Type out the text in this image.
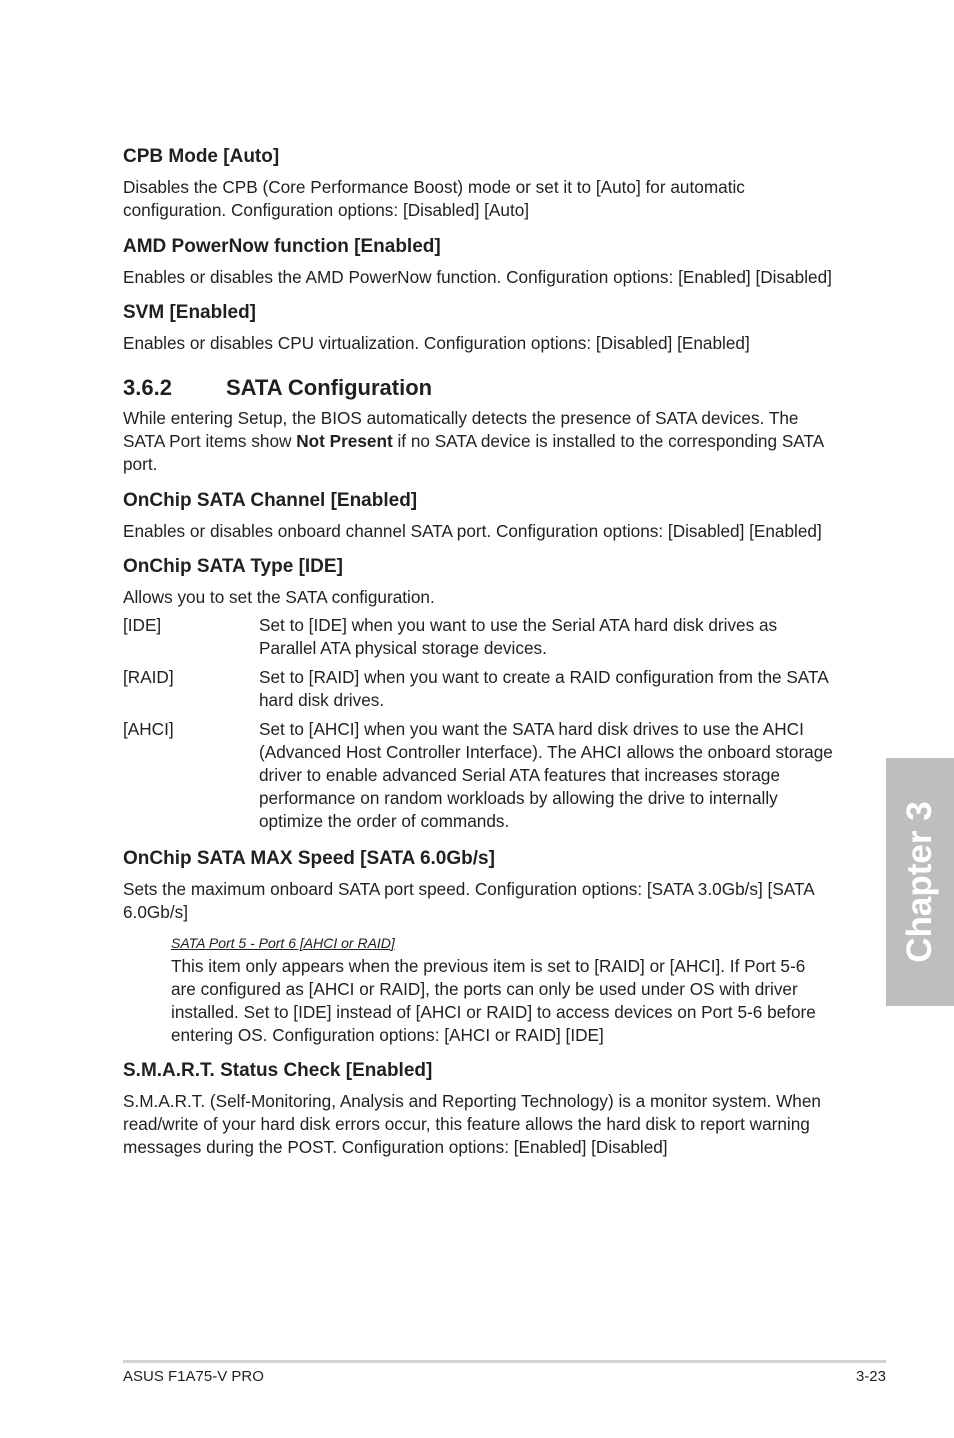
CPB Mode [Auto]
Disables the CPB (Core Performance Boost) mode or set it to [Auto] for automatic
configuration. Configuration options: [Disabled] [Auto]
AMD PowerNow function [Enabled]
Enables or disables the AMD PowerNow function. Configuration options: [Enabled] [Disabled]
SVM [Enabled]
Enables or disables CPU virtualization. Configuration options: [Disabled] [Enabled]
3.6.2 SATA Configuration
While entering Setup, the BIOS automatically detects the presence of SATA devices. The
SATA Port items show Not Present if no SATA device is installed to the corresponding SATA
port.
OnChip SATA Channel [Enabled]
Enables or disables onboard channel SATA port. Configuration options: [Disabled] [Enabled]
OnChip SATA Type [IDE]
Allows you to set the SATA configuration.
[IDE]	Set to [IDE] when you want to use the Serial ATA hard disk drives as
Parallel ATA physical storage devices.
[RAID]	Set to [RAID] when you want to create a RAID configuration from the SATA
hard disk drives.
[AHCI]	Set to [AHCI] when you want the SATA hard disk drives to use the AHCI
(Advanced Host Controller Interface). The AHCI allows the onboard storage
driver to enable advanced Serial ATA features that increases storage
performance on random workloads by allowing the drive to internally
optimize the order of commands.
OnChip SATA MAX Speed [SATA 6.0Gb/s]
Sets the maximum onboard SATA port speed. Configuration options: [SATA 3.0Gb/s] [SATA
6.0Gb/s]
SATA Port 5 - Port 6 [AHCI or RAID]
This item only appears when the previous item is set to [RAID] or [AHCI]. If Port 5-6
are configured as [AHCI or RAID], the ports can only be used under OS with driver
installed. Set to [IDE] instead of [AHCI or RAID] to access devices on Port 5-6 before
entering OS. Configuration options: [AHCI or RAID] [IDE]
S.M.A.R.T. Status Check [Enabled]
S.M.A.R.T. (Self-Monitoring, Analysis and Reporting Technology) is a monitor system. When
read/write of your hard disk errors occur, this feature allows the hard disk to report warning
messages during the POST. Configuration options: [Enabled] [Disabled]
Chapter 3
ASUS F1A75-V PRO	3-23
